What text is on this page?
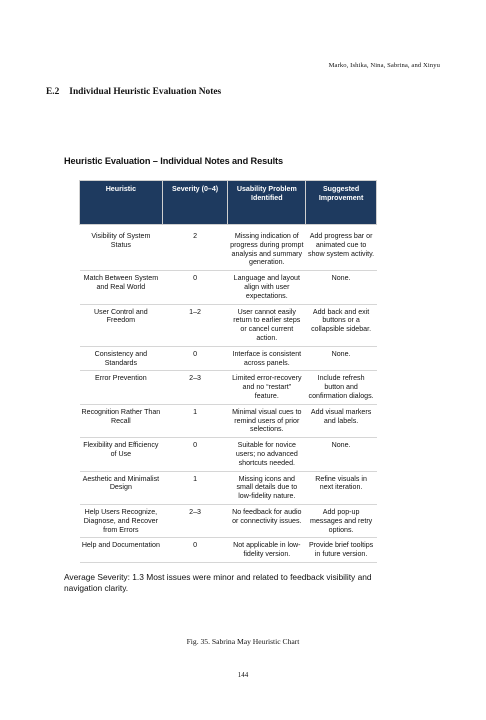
Marko, Ishika, Nina, Sabrina, and Xinyu
E.2 Individual Heuristic Evaluation Notes
Heuristic Evaluation – Individual Notes and Results
Heuristic	Severity (0–4)	Usability Problem Identified	Suggested Improvement
Visibility of System Status	2	Missing indication of progress during prompt analysis and summary generation.	Add progress bar or animated cue to show system activity.
Match Between System and Real World	0	Language and layout align with user expectations.	None.
User Control and Freedom	1–2	User cannot easily return to earlier steps or cancel current action.	Add back and exit buttons or a collapsible sidebar.
Consistency and Standards	0	Interface is consistent across panels.	None.
Error Prevention	2–3	Limited error-recovery and no “restart” feature.	Include refresh button and confirmation dialogs.
Recognition Rather Than Recall	1	Minimal visual cues to remind users of prior selections.	Add visual markers and labels.
Flexibility and Efficiency of Use	0	Suitable for novice users; no advanced shortcuts needed.	None.
Aesthetic and Minimalist Design	1	Missing icons and small details due to low-fidelity nature.	Refine visuals in next iteration.
Help Users Recognize, Diagnose, and Recover from Errors	2–3	No feedback for audio or connectivity issues.	Add pop-up messages and retry options.
Help and Documentation	0	Not applicable in low-fidelity version.	Provide brief tooltips in future version.
Average Severity: 1.3 Most issues were minor and related to feedback visibility and navigation clarity.
Fig. 35. Sabrina May Heuristic Chart
144
